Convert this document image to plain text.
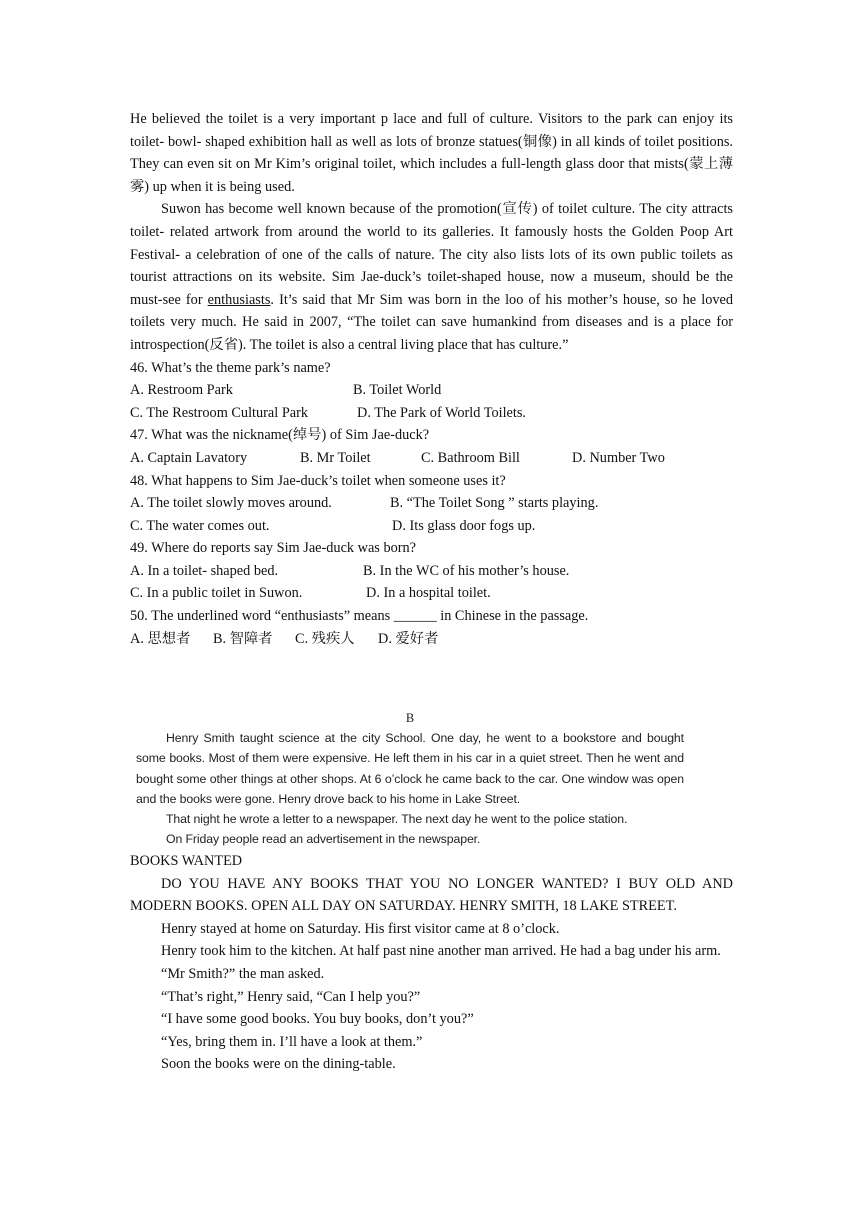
He believed the toilet is a very important p lace and full of culture. Visitors to the park can enjoy its toilet- bowl- shaped exhibition hall as well as lots of bronze statues(铜像) in all kinds of toilet positions. They can even sit on Mr Kim’s original toilet, which includes a full-length glass door that mists(蒙上薄雾) up when it is being used.

Suwon has become well known because of the promotion(宣传) of toilet culture. The city attracts toilet- related artwork from around the world to its galleries. It famously hosts the Golden Poop Art Festival- a celebration of one of the calls of nature. The city also lists lots of its own public toilets as tourist attractions on its website. Sim Jae-duck’s toilet-shaped house, now a museum, should be the must-see for enthusiasts. It’s said that Mr Sim was born in the loo of his mother’s house, so he loved toilets very much. He said in 2007, “The toilet can save humankind from diseases and is a place for introspection(反省). The toilet is also a central living place that has culture.”

46. What’s the theme park’s name?

A. Restroom Park	B. Toilet World

C. The Restroom Cultural Park	D. The Park of World Toilets.

47. What was the nickname(绰号) of Sim Jae-duck?

A. Captain Lavatory	B. Mr Toilet	C. Bathroom Bill	D. Number Two

48. What happens to Sim Jae-duck’s toilet when someone uses it?

A. The toilet slowly moves around.	B. “The Toilet Song ” starts playing.

C. The water comes out.	D. Its glass door fogs up.

49. Where do reports say Sim Jae-duck was born?

A. In a toilet- shaped bed.	B. In the WC of his mother’s house.

C. In a public toilet in Suwon.	D. In a hospital toilet.

50. The underlined word “enthusiasts” means ______ in Chinese in the passage.

A. 思想者 B. 智障者 C. 残疾人 D. 爱好者

B

Henry Smith taught science at the city School. One day, he went to a bookstore and bought some books. Most of them were expensive. He left them in his car in a quiet street. Then he went and bought some other things at other shops. At 6 o’clock he came back to the car. One window was open and the books were gone. Henry drove back to his home in Lake Street.

That night he wrote a letter to a newspaper. The next day he went to the police station.

On Friday people read an advertisement in the newspaper.

BOOKS WANTED

DO YOU HAVE ANY BOOKS THAT YOU NO LONGER WANTED? I BUY OLD AND MODERN BOOKS. OPEN ALL DAY ON SATURDAY. HENRY SMITH, 18 LAKE STREET.

Henry stayed at home on Saturday. His first visitor came at 8 o’clock.

Henry took him to the kitchen. At half past nine another man arrived. He had a bag under his arm.

“Mr Smith?” the man asked.

“That’s right,” Henry said, “Can I help you?”

“I have some good books. You buy books, don’t you?”

“Yes, bring them in. I’ll have a look at them.”

Soon the books were on the dining-table.
